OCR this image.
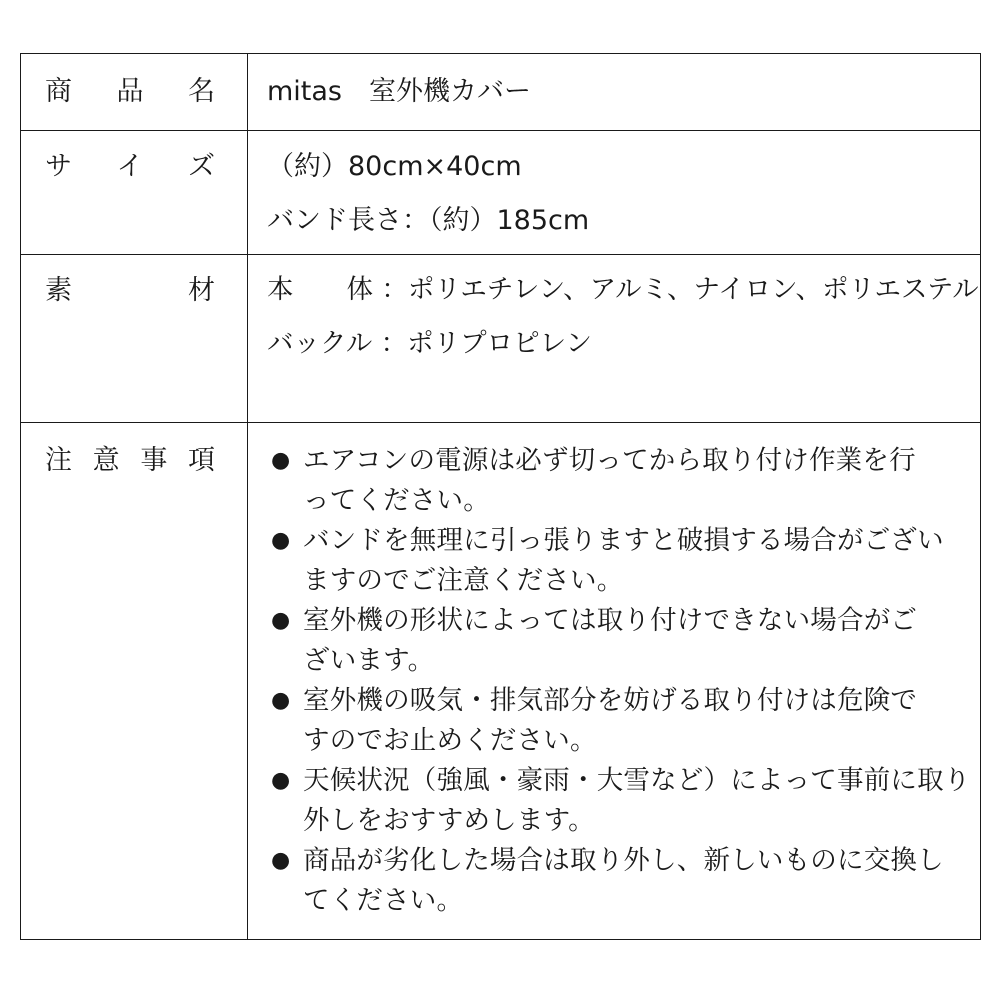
商 品 名 mitas　室外機カバー
サ イ ズ （約）80cm×40cm
バンド長さ：（約）185cm
素	材 本　　体 ：ポリエチレン、アルミ、ナイロン、ポリエステル
バックル ：ポリプロピレン
注 意 事 項	● エアコンの電源は必ず切ってから取り付け作業を行
ってください。
● バンドを無理に引っ張りますと破損する場合がござい
ますのでご注意ください。
● 室外機の形状によっては取り付けできない場合がご
ざいます。
● 室外機の吸気・排気部分を妨げる取り付けは危険で
すのでお止めください。
● 天候状況（強風・豪雨・大雪など）によって事前に取り
外しをおすすめします。
● 商品が劣化した場合は取り外し、新しいものに交換し
てください。
